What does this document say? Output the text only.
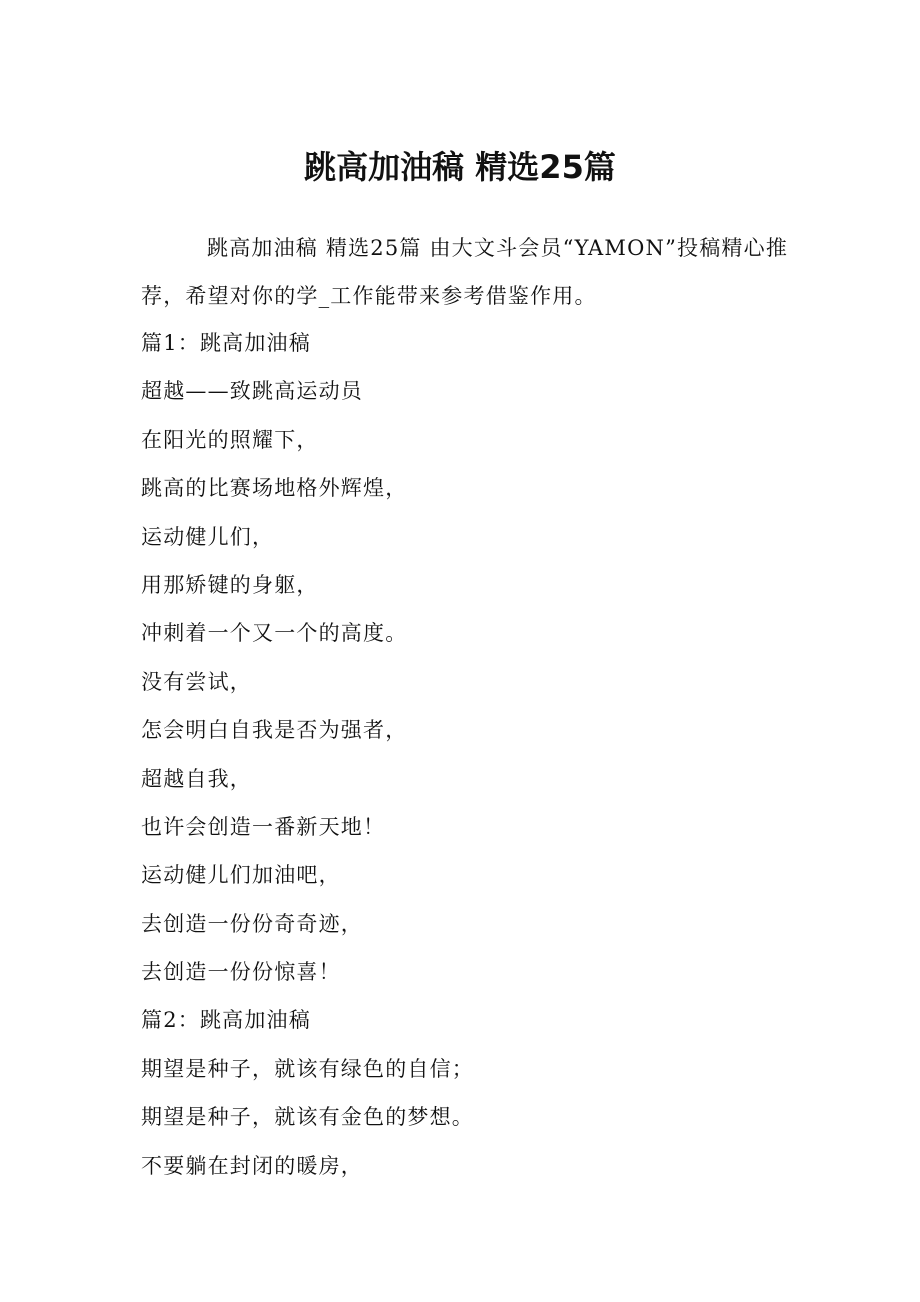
跳高加油稿 精选25篇

跳高加油稿 精选25篇 由大文斗会员“YAMON”投稿精心推荐，希望对你的学_工作能带来参考借鉴作用。

篇1：跳高加油稿
超越——致跳高运动员
在阳光的照耀下，
跳高的比赛场地格外辉煌，
运动健儿们，
用那矫键的身躯，
冲刺着一个又一个的高度。
没有尝试，
怎会明白自我是否为强者，
超越自我，
也许会创造一番新天地！
运动健儿们加油吧，
去创造一份份奇奇迹，
去创造一份份惊喜！
篇2：跳高加油稿
期望是种子，就该有绿色的自信；
期望是种子，就该有金色的梦想。
不要躺在封闭的暖房，
